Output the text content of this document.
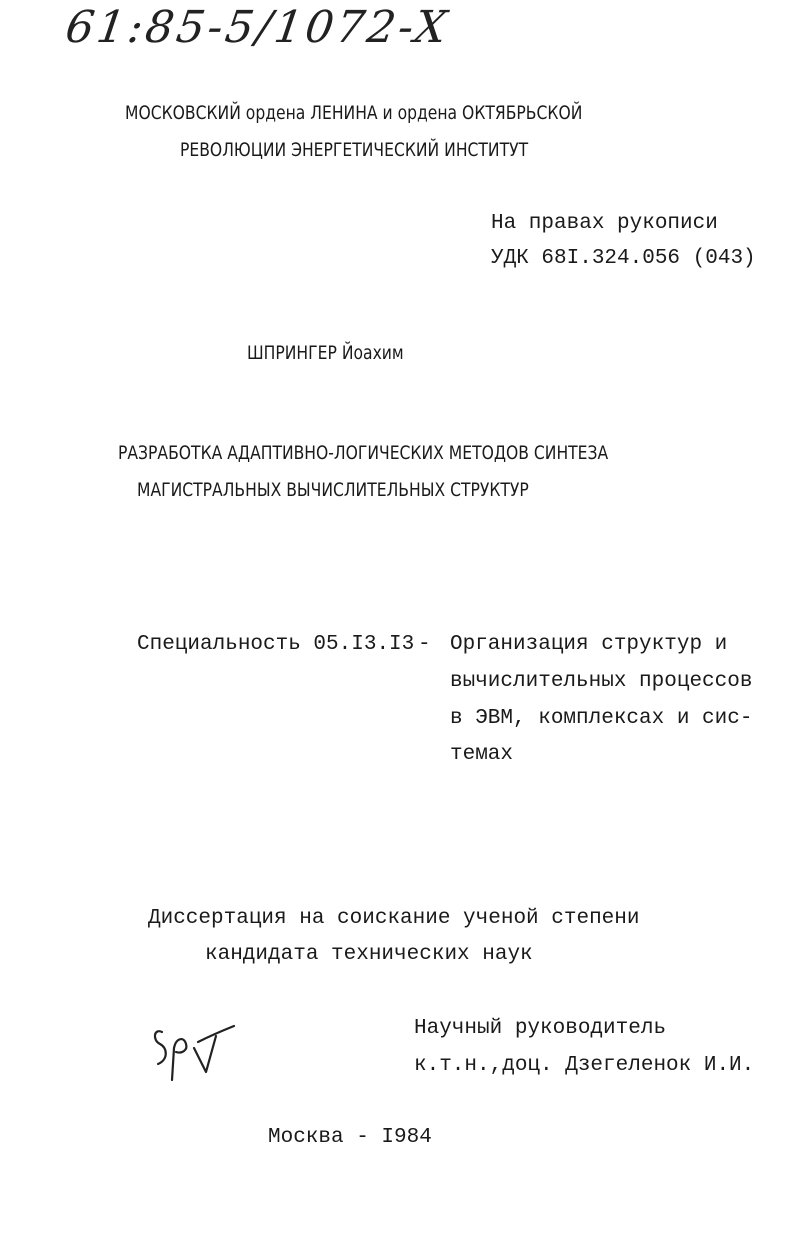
61:85-5/1072-X
МОСКОВСКИЙ ордена ЛЕНИНА и ордена ОКТЯБРЬСКОЙ
РЕВОЛЮЦИИ ЭНЕРГЕТИЧЕСКИЙ ИНСТИТУТ
На правах рукописи
УДК 68I.324.056 (043)
ШПРИНГЕР Йоахим
РАЗРАБОТКА АДАПТИВНО-ЛОГИЧЕСКИХ МЕТОДОВ СИНТЕЗА
МАГИСТРАЛЬНЫХ ВЫЧИСЛИТЕЛЬНЫХ СТРУКТУР
Специальность 05.I3.I3 - Организация структур и
вычислительных процессов
в ЭВМ, комплексах и сис-
темах
Диссертация на соискание ученой степени
кандидата технических наук
Научный руководитель
к.т.н.,доц. Дзегеленок И.И.
Москва - I984
